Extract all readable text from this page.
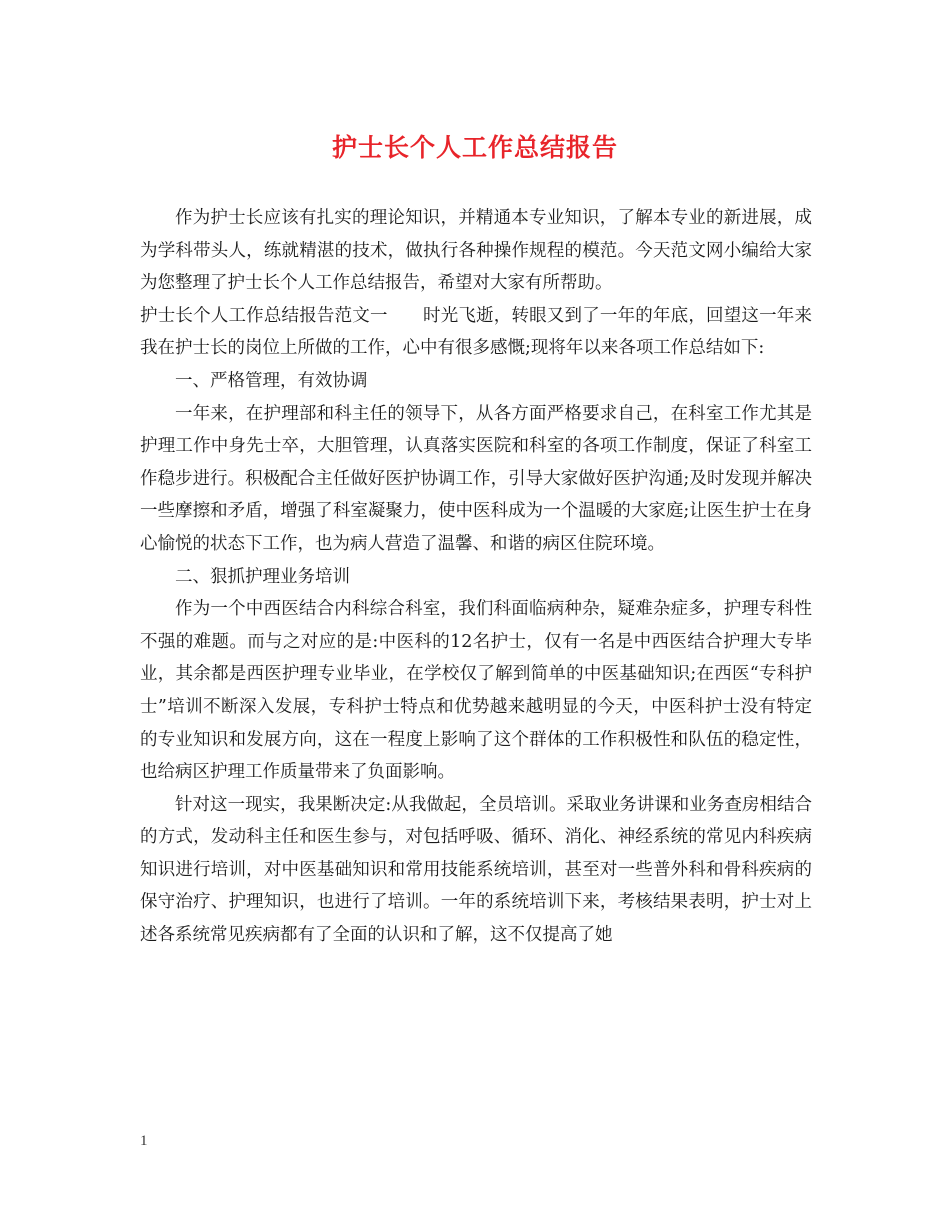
护士长个人工作总结报告

作为护士长应该有扎实的理论知识，并精通本专业知识，了解本专业的新进展，成为学科带头人，练就精湛的技术，做执行各种操作规程的模范。今天范文网小编给大家为您整理了护士长个人工作总结报告，希望对大家有所帮助。

护士长个人工作总结报告范文一　　时光飞逝，转眼又到了一年的年底，回望这一年来我在护士长的岗位上所做的工作，心中有很多感慨;现将年以来各项工作总结如下:

一、严格管理，有效协调

一年来，在护理部和科主任的领导下，从各方面严格要求自己，在科室工作尤其是护理工作中身先士卒，大胆管理，认真落实医院和科室的各项工作制度，保证了科室工作稳步进行。积极配合主任做好医护协调工作，引导大家做好医护沟通;及时发现并解决一些摩擦和矛盾，增强了科室凝聚力，使中医科成为一个温暖的大家庭;让医生护士在身心愉悦的状态下工作，也为病人营造了温馨、和谐的病区住院环境。

二、狠抓护理业务培训

作为一个中西医结合内科综合科室，我们科面临病种杂，疑难杂症多，护理专科性不强的难题。而与之对应的是:中医科的12名护士，仅有一名是中西医结合护理大专毕业，其余都是西医护理专业毕业，在学校仅了解到简单的中医基础知识;在西医“专科护士”培训不断深入发展，专科护士特点和优势越来越明显的今天，中医科护士没有特定的专业知识和发展方向，这在一程度上影响了这个群体的工作积极性和队伍的稳定性，也给病区护理工作质量带来了负面影响。

针对这一现实，我果断决定:从我做起，全员培训。采取业务讲课和业务查房相结合的方式，发动科主任和医生参与，对包括呼吸、循环、消化、神经系统的常见内科疾病知识进行培训，对中医基础知识和常用技能系统培训，甚至对一些普外科和骨科疾病的保守治疗、护理知识，也进行了培训。一年的系统培训下来，考核结果表明，护士对上述各系统常见疾病都有了全面的认识和了解，这不仅提高了她

1
